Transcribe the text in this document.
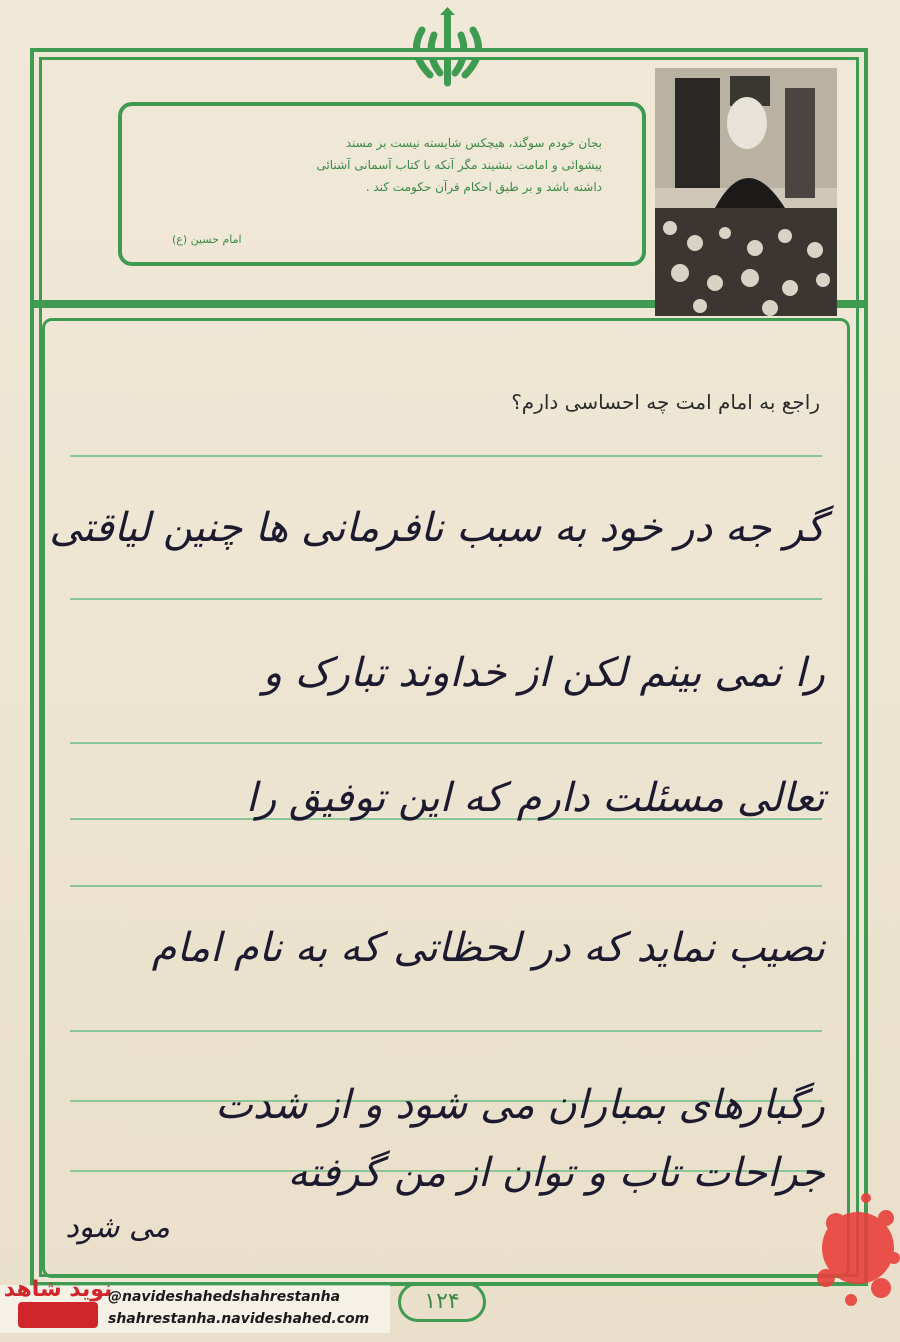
بجان خودم سوگند، هیچکس شایسته نیست بر مسند
پیشوائی و امامت بنشیند مگر آنکه با کتاب آسمانی آشنائی
داشته باشد و بر طبق احکام قرآن حکومت کند .
امام حسین (ع)
راجع به امام امت چه احساسی دارم؟
گر جه در خود به سبب نافرمانی ها چنین لیاقتی
را نمی بینم لکن از خداوند تبارک و
تعالی مسئلت دارم که این توفیق را
نصیب نماید که در لحظاتی که به نام امام
رگبارهای بمباران می شود و از شدت
جراحات تاب و توان از من گرفته
می شود
نوید شاهد
@navideshahedshahrestanha
shahrestanha.navideshahed.com
۱۲۴
